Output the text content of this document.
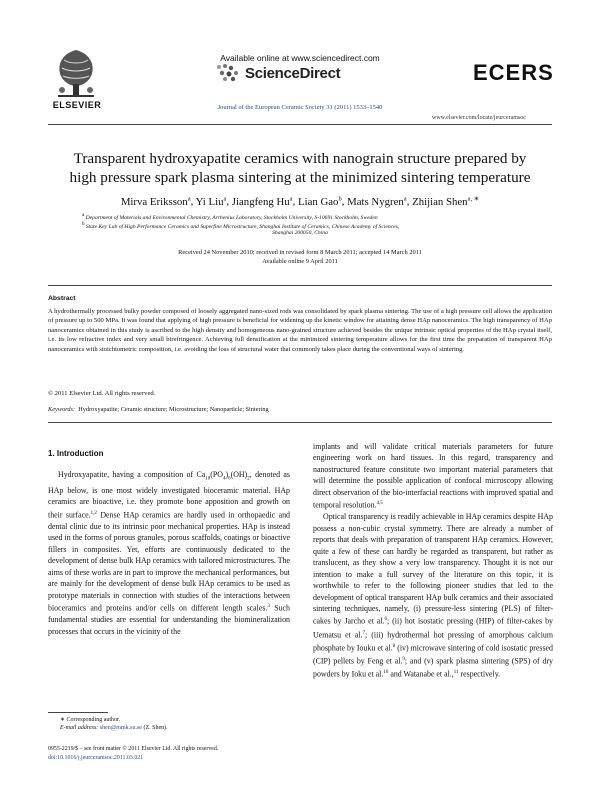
ELSEVIER
Available online at www.sciencedirect.com
ScienceDirect
Journal of the European Ceramic Society 31 (2011) 1533–1540
ECERS
www.elsevier.com/locate/jeurceramsoc
Transparent hydroxyapatite ceramics with nanograin structure prepared by
high pressure spark plasma sintering at the minimized sintering temperature
Mirva Eriksson$^a$, Yi Liu$^a$, Jiangfeng Hu$^a$, Lian Gao$^b$, Mats Nygren$^a$, Zhijian Shen$^{a, ∗}$
$^a$ Department of Materials and Environmental Chemistry, Arrhenius Laboratory, Stockholm University, S-10691 Stockholm, Sweden
$^b$ State Key Lab of High Performance Ceramics and Superfine Microstructure, Shanghai Institute of Ceramics, Chinese Academy of Sciences,
Shanghai 200050, China
Received 24 November 2010; received in revised form 8 March 2011; accepted 14 March 2011
Available online 9 April 2011
Abstract
A hydrothermally processed bulky powder composed of loosely aggregated nano-sized rods was consolidated by spark plasma sintering. The use of a high pressure cell allows the application of pressure up to 500 MPa. It was found that applying of high pressure is beneficial for widening up the kinetic window for attaining dense HAp nanoceramics. The high transparency of HAp nanoceramics obtained in this study is ascribed to the high density and homogeneous nano-grained structure achieved besides the unique intrinsic optical properties of the HAp crystal itself, i.e. its low refractive index and very small birefringence. Achieving full densification at the minimized sintering temperature allows for the first time the preparation of transparent HAp nanoceramics with stoichiometric composition, i.e. avoiding the loss of structural water that commonly takes place during the conventional ways of sintering.
© 2011 Elsevier Ltd. All rights reserved.
Keywords: Hydroxyapatite; Ceramic structure; Microstructure; Nanoparticle; Sintering
1. Introduction

Hydroxyapatite, having a composition of $Ca_{10}(PO_4)_6(OH)_2$, denoted as HAp below, is one most widely investigated bioceramic material. HAp ceramics are bioactive, i.e. they promote bone apposition and growth on their surface.$^{1,2}$ Dense HAp ceramics are hardly used in orthopaedic and dental clinic due to its intrinsic poor mechanical properties. HAp is instead used in the forms of porous granules, porous scaffolds, coatings or bioactive fillers in composites. Yet, efforts are continuously dedicated to the development of dense bulk HAp ceramics with tailored microstructures. The aims of these works are in part to improve the mechanical performances, but are mainly for the development of dense bulk HAp ceramics to be used as prototype materials in connection with studies of the interactions between bioceramics and proteins and/or cells on different length scales.$^3$ Such fundamental studies are essential for understanding the biomineralization processes that occurs in the vicinity of the

implants and will validate critical materials parameters for future engineering work on hard tissues. In this regard, transparency and nanostructured feature constitute two important material parameters that will determine the possible application of confocal microscopy allowing direct observation of the bio-interfacial reactions with improved spatial and temporal resolution.$^{4,5}$

Optical transparency is readily achievable in HAp ceramics despite HAp possess a non-cubic crystal symmetry. There are already a number of reports that deals with preparation of transparent HAp ceramics. However, quite a few of these can hardly be regarded as transparent, but rather as translucent, as they show a very low transparency. Thought it is not our intention to make a full survey of the literature on this topic, it is worthwhile to refer to the following pioneer studies that led to the development of optical transparent HAp bulk ceramics and their associated sintering techniques, namely, (i) pressure-less sintering (PLS) of filter-cakes by Jarcho et al.$^6$; (ii) hot isostatic pressing (HIP) of filter-cakes by Uematsu et al.$^7$; (iii) hydrothermal hot pressing of amorphous calcium phosphate by Iouku et al.$^8$ (iv) microwave sintering of cold isostatic pressed (CIP) pellets by Feng et al.$^9$; and (v) spark plasma sintering (SPS) of dry powders by Ioku et al.$^{10}$ and Watanabe et al.,$^{11}$ respectively.

∗ Corresponding author.
E-mail address: shen@mmk.su.se (Z. Shen).
0955-2219/$ – see front matter © 2011 Elsevier Ltd. All rights reserved.
doi:10.1016/j.jeurceramsoc.2011.03.021
